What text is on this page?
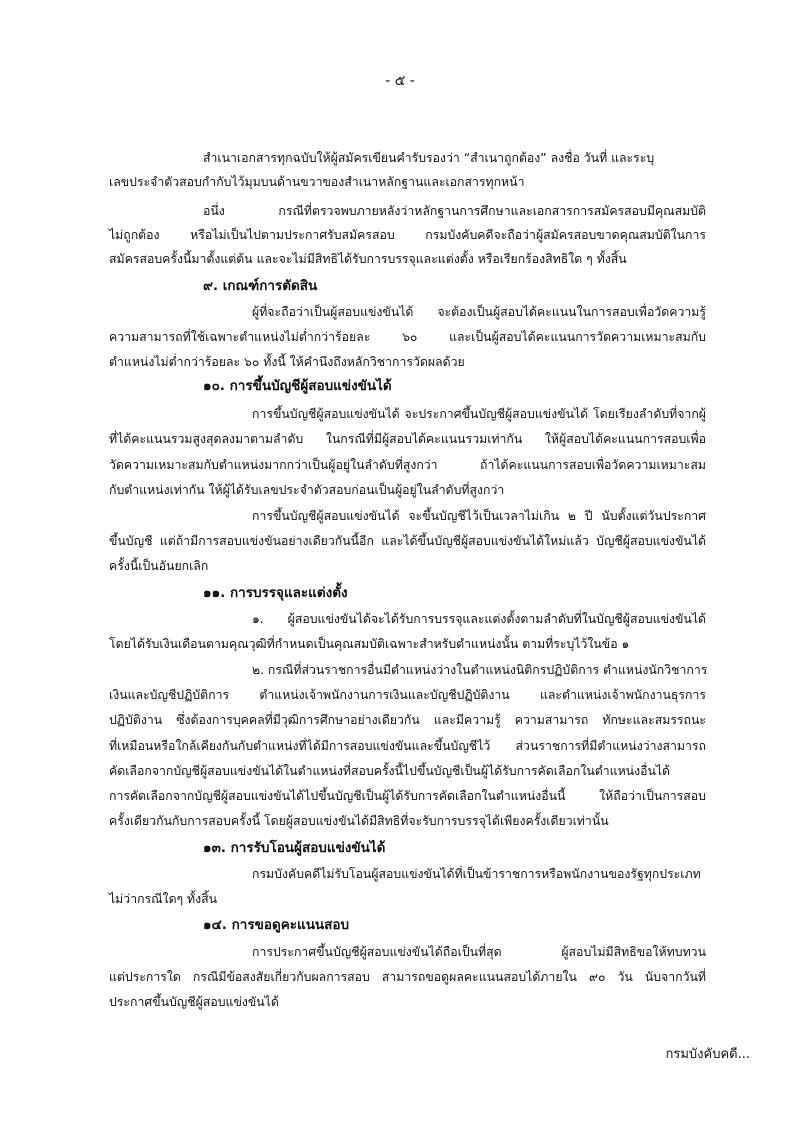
- ๕ -
สำเนาเอกสารทุกฉบับให้ผู้สมัครเขียนคำรับรองว่า “สำเนาถูกต้อง” ลงชื่อ วันที่ และระบุ
เลขประจำตัวสอบกำกับไว้มุมบนด้านขวาของสำเนาหลักฐานและเอกสารทุกหน้า
อนึ่ง กรณีที่ตรวจพบภายหลังว่าหลักฐานการศึกษาและเอกสารการสมัครสอบมีคุณสมบัติ
ไม่ถูกต้อง หรือไม่เป็นไปตามประกาศรับสมัครสอบ กรมบังคับคดีจะถือว่าผู้สมัครสอบขาดคุณสมบัติในการ
สมัครสอบครั้งนี้มาตั้งแต่ต้น และจะไม่มีสิทธิได้รับการบรรจุและแต่งตั้ง หรือเรียกร้องสิทธิใด ๆ ทั้งสิ้น
๙. เกณฑ์การตัดสิน
ผู้ที่จะถือว่าเป็นผู้สอบแข่งขันได้ จะต้องเป็นผู้สอบได้คะแนนในการสอบเพื่อวัดความรู้
ความสามารถที่ใช้เฉพาะตำแหน่งไม่ต่ำกว่าร้อยละ ๖๐ และเป็นผู้สอบได้คะแนนการวัดความเหมาะสมกับ
ตำแหน่งไม่ต่ำกว่าร้อยละ ๖๐ ทั้งนี้ ให้คำนึงถึงหลักวิชาการวัดผลด้วย
๑๐. การขึ้นบัญชีผู้สอบแข่งขันได้
การขึ้นบัญชีผู้สอบแข่งขันได้ จะประกาศขึ้นบัญชีผู้สอบแข่งขันได้ โดยเรียงลำดับที่จากผู้
ที่ได้คะแนนรวมสูงสุดลงมาตามลำดับ ในกรณีที่มีผู้สอบได้คะแนนรวมเท่ากัน ให้ผู้สอบได้คะแนนการสอบเพื่อ
วัดความเหมาะสมกับตำแหน่งมากกว่าเป็นผู้อยู่ในลำดับที่สูงกว่า ถ้าได้คะแนนการสอบเพื่อวัดความเหมาะสม
กับตำแหน่งเท่ากัน ให้ผู้ได้รับเลขประจำตัวสอบก่อนเป็นผู้อยู่ในลำดับที่สูงกว่า
การขึ้นบัญชีผู้สอบแข่งขันได้ จะขึ้นบัญชีไว้เป็นเวลาไม่เกิน ๒ ปี นับตั้งแต่วันประกาศ
ขึ้นบัญชี แต่ถ้ามีการสอบแข่งขันอย่างเดียวกันนี้อีก และได้ขึ้นบัญชีผู้สอบแข่งขันได้ใหม่แล้ว บัญชีผู้สอบแข่งขันได้
ครั้งนี้เป็นอันยกเลิก
๑๑. การบรรจุและแต่งตั้ง
๑. ผู้สอบแข่งขันได้จะได้รับการบรรจุและแต่งตั้งตามลำดับที่ในบัญชีผู้สอบแข่งขันได้
โดยได้รับเงินเดือนตามคุณวุฒิที่กำหนดเป็นคุณสมบัติเฉพาะสำหรับตำแหน่งนั้น ตามที่ระบุไว้ในข้อ ๑
๒. กรณีที่ส่วนราชการอื่นมีตำแหน่งว่างในตำแหน่งนิติกรปฏิบัติการ ตำแหน่งนักวิชาการ
เงินและบัญชีปฏิบัติการ ตำแหน่งเจ้าพนักงานการเงินและบัญชีปฏิบัติงาน และตำแหน่งเจ้าพนักงานธุรการ
ปฏิบัติงาน ซึ่งต้องการบุคคลที่มีวุฒิการศึกษาอย่างเดียวกัน และมีความรู้ ความสามารถ ทักษะและสมรรถนะ
ที่เหมือนหรือใกล้เคียงกันกับตำแหน่งที่ได้มีการสอบแข่งขันและขึ้นบัญชีไว้ ส่วนราชการที่มีตำแหน่งว่างสามารถ
คัดเลือกจากบัญชีผู้สอบแข่งขันได้ในตำแหน่งที่สอบครั้งนี้ไปขึ้นบัญชีเป็นผู้ได้รับการคัดเลือกในตำแหน่งอื่นได้
การคัดเลือกจากบัญชีผู้สอบแข่งขันได้ไปขึ้นบัญชีเป็นผู้ได้รับการคัดเลือกในตำแหน่งอื่นนี้ ให้ถือว่าเป็นการสอบ
ครั้งเดียวกันกับการสอบครั้งนี้ โดยผู้สอบแข่งขันได้มีสิทธิที่จะรับการบรรจุได้เพียงครั้งเดียวเท่านั้น
๑๓. การรับโอนผู้สอบแข่งขันได้
กรมบังคับคดีไม่รับโอนผู้สอบแข่งขันได้ที่เป็นข้าราชการหรือพนักงานของรัฐทุกประเภท
ไม่ว่ากรณีใดๆ ทั้งสิ้น
๑๔. การขอดูคะแนนสอบ
การประกาศขึ้นบัญชีผู้สอบแข่งขันได้ถือเป็นที่สุด ผู้สอบไม่มีสิทธิขอให้ทบทวน
แต่ประการใด กรณีมีข้อสงสัยเกี่ยวกับผลการสอบ สามารถขอดูผลคะแนนสอบได้ภายใน ๙๐ วัน นับจากวันที่
ประกาศขึ้นบัญชีผู้สอบแข่งขันได้
กรมบังคับคดี...
